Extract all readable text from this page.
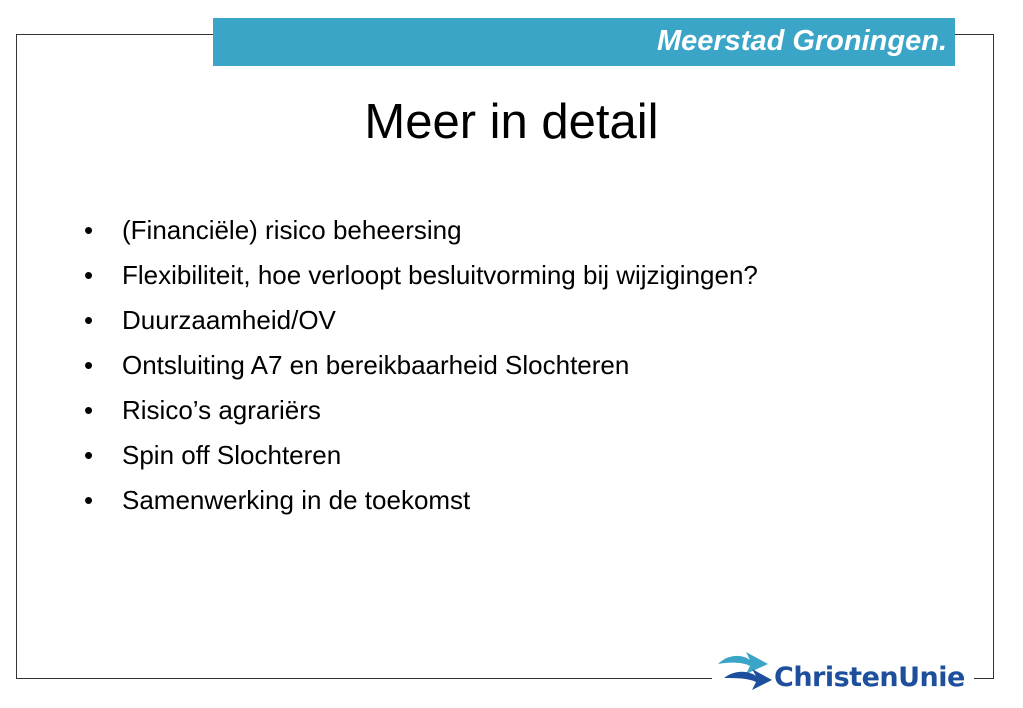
Meerstad Groningen.
Meer in detail
• (Financiële) risico beheersing
• Flexibiliteit, hoe verloopt besluitvorming bij wijzigingen?
• Duurzaamheid/OV
• Ontsluiting A7 en bereikbaarheid Slochteren
• Risico’s agrariërs
• Spin off Slochteren
• Samenwerking in de toekomst
ChristenUnie
